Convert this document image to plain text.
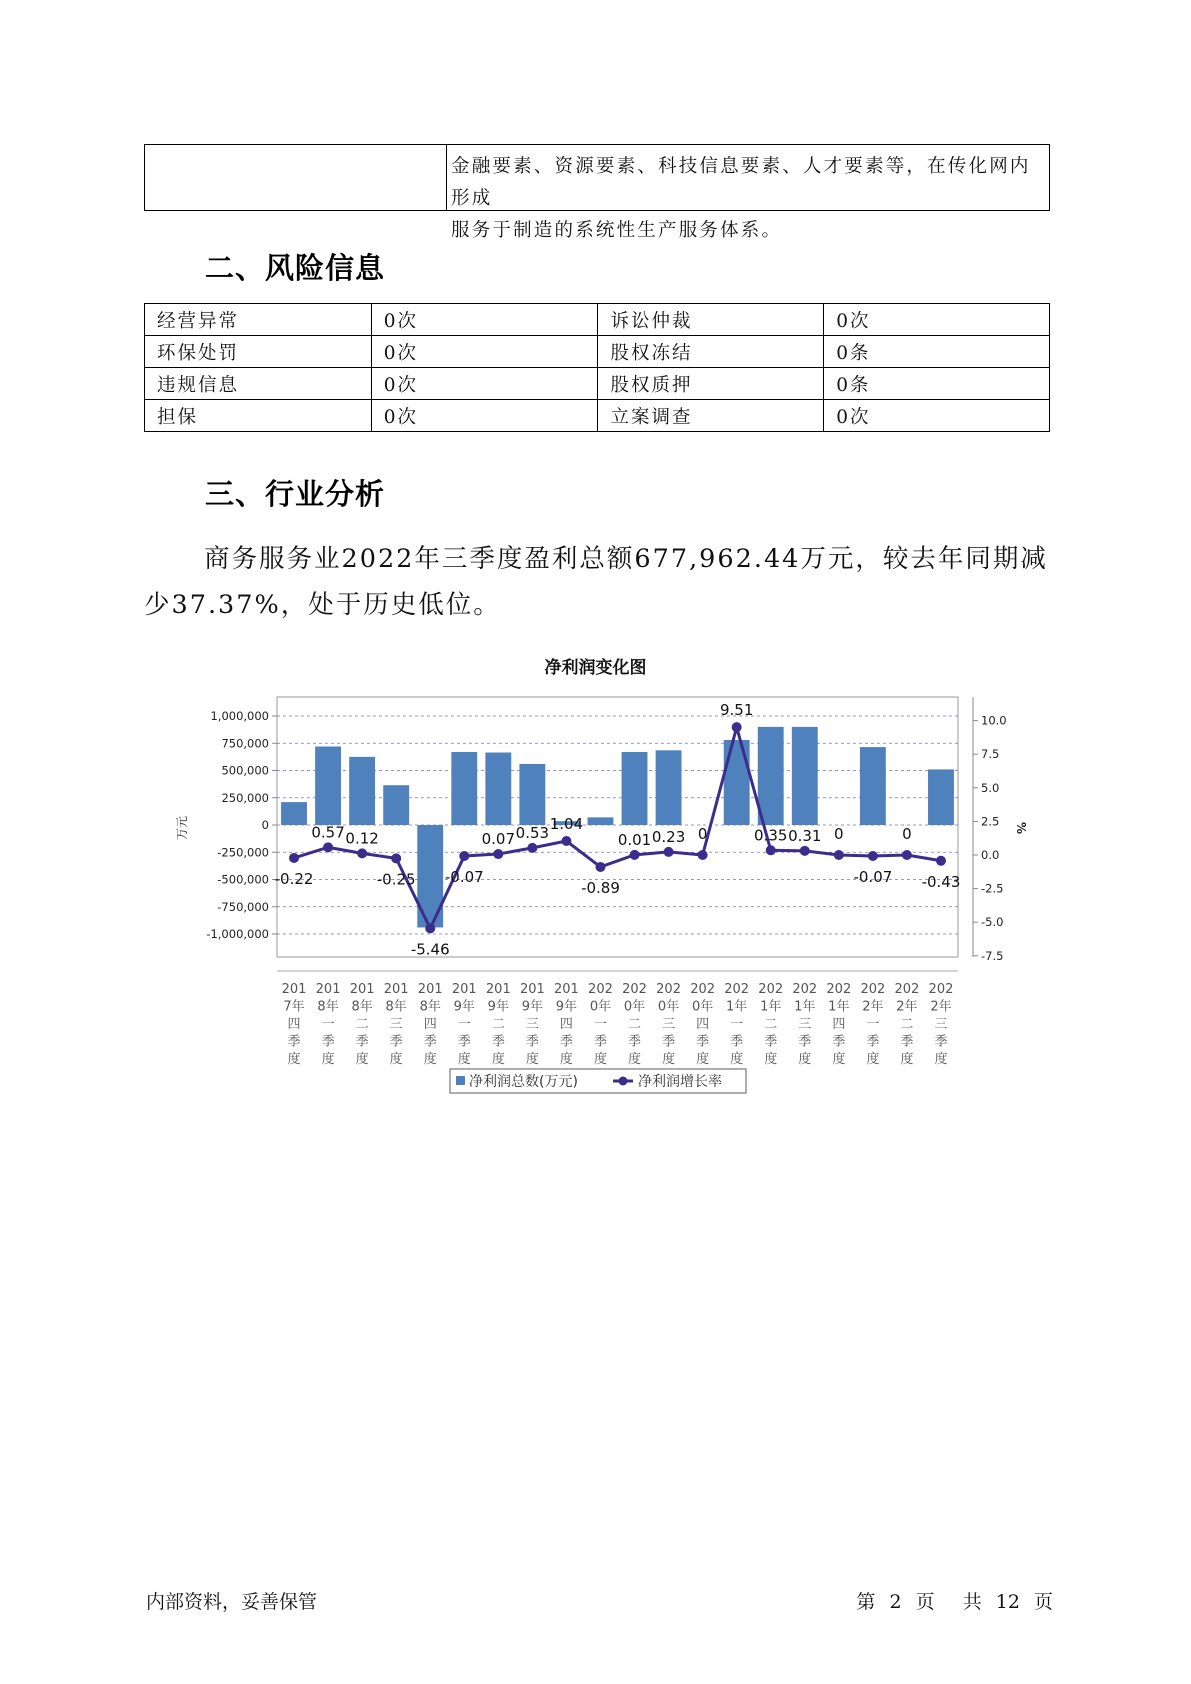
金融要素、资源要素、科技信息要素、人才要素等，在传化网内形成
服务于制造的系统性生产服务体系。
二、风险信息
经营异常	0次	诉讼仲裁	0次
环保处罚	0次	股权冻结	0条
违规信息	0次	股权质押	0条
担保	0次	立案调查	0次
三、行业分析
商务服务业2022年三季度盈利总额677,962.44万元，较去年同期减少37.37%，处于历史低位。
净利润变化图
1,000,000
750,000
500,000
250,000
0
-250,000
-500,000
-750,000
-1,000,000
10.0
7.5
5.0
2.5
0.0
-2.5
-5.0
-7.5
万元	%
-0.22
0.57 0.12
-0.25
-5.46
-0.07
0.07 0.53 1.04
-0.89
0.01 0.23 0
9.51
0.35 0.31 0
-0.07
0
-0.43
201
7年
四
季
度
201
8年
一
季
度
201
8年
二
季
度
201
8年
三
季
度
201
8年
四
季
度
201
9年
一
季
度
201
9年
二
季
度
201
9年
三
季
度
201
9年
四
季
度
202
0年
一
季
度
202
0年
二
季
度
202
0年
三
季
度
202
0年
四
季
度
202
1年
一
季
度
202
1年
二
季
度
202
1年
三
季
度
202
1年
四
季
度
202
2年
一
季
度
202
2年
二
季
度
202
2年
三
季
度
净利润总数(万元)	净利润增长率
内部资料，妥善保管	第 2 页 共 12 页
